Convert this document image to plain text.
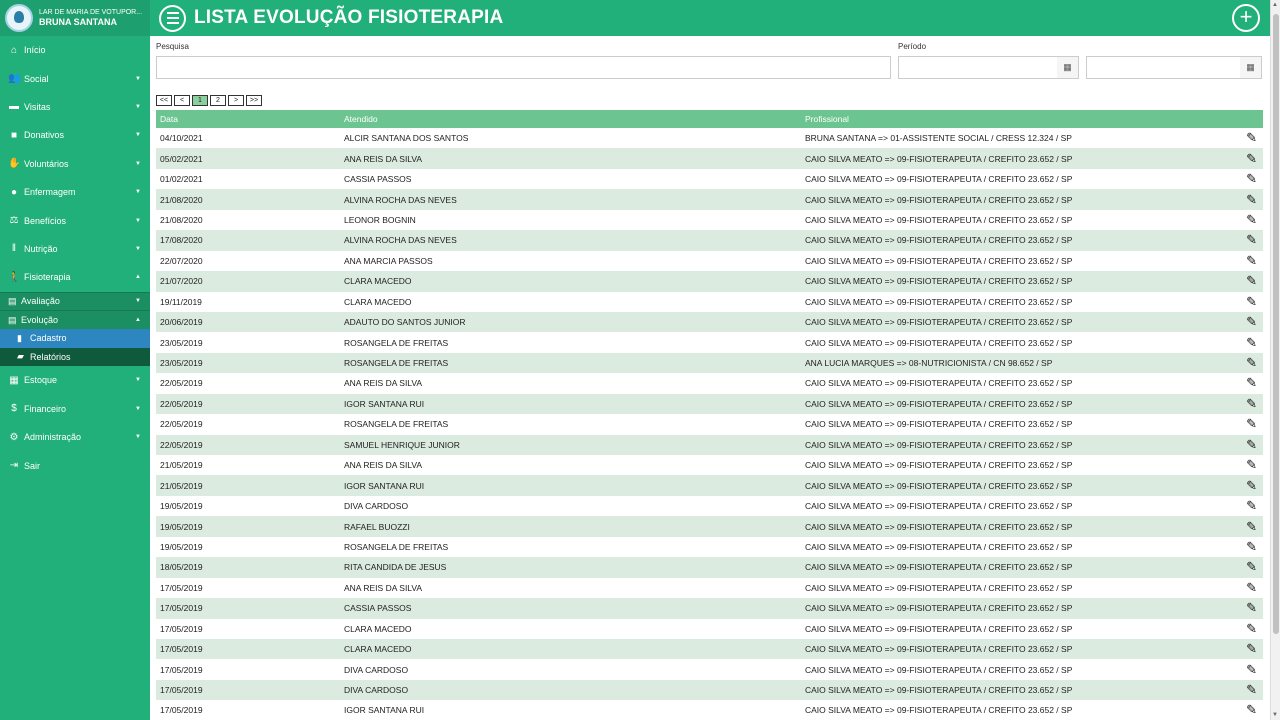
LAR DE MARIA DE VOTUPOR...
BRUNA SANTANA
⌂ Início
👥 Social	▼
▬ Visitas	▼
■ Donativos	▼
✋ Voluntários	▼
● Enfermagem	▼
⚖ Benefícios	▼
ǁ Nutrição	▼
🚶 Fisioterapia	▲
▤ Avaliação	▼
▤ Evolução	▲
▮ Cadastro
▰ Relatórios
▦ Estoque	▼
$ Financeiro	▼
⚙ Administração	▼
⇥ Sair
LISTA EVOLUÇÃO FISIOTERAPIA	+
Pesquisa	Período
▦	▦
<<	<	1	2	>	>>
Data	Atendido	Profissional
04/10/2021	ALCIR SANTANA DOS SANTOS	BRUNA SANTANA => 01-ASSISTENTE SOCIAL / CRESS 12.324 / SP	✎
05/02/2021	ANA REIS DA SILVA	CAIO SILVA MEATO => 09-FISIOTERAPEUTA / CREFITO 23.652 / SP	✎
01/02/2021	CASSIA PASSOS	CAIO SILVA MEATO => 09-FISIOTERAPEUTA / CREFITO 23.652 / SP	✎
21/08/2020	ALVINA ROCHA DAS NEVES	CAIO SILVA MEATO => 09-FISIOTERAPEUTA / CREFITO 23.652 / SP	✎
21/08/2020	LEONOR BOGNIN	CAIO SILVA MEATO => 09-FISIOTERAPEUTA / CREFITO 23.652 / SP	✎
17/08/2020	ALVINA ROCHA DAS NEVES	CAIO SILVA MEATO => 09-FISIOTERAPEUTA / CREFITO 23.652 / SP	✎
22/07/2020	ANA MARCIA PASSOS	CAIO SILVA MEATO => 09-FISIOTERAPEUTA / CREFITO 23.652 / SP	✎
21/07/2020	CLARA MACEDO	CAIO SILVA MEATO => 09-FISIOTERAPEUTA / CREFITO 23.652 / SP	✎
19/11/2019	CLARA MACEDO	CAIO SILVA MEATO => 09-FISIOTERAPEUTA / CREFITO 23.652 / SP	✎
20/06/2019	ADAUTO DO SANTOS JUNIOR	CAIO SILVA MEATO => 09-FISIOTERAPEUTA / CREFITO 23.652 / SP	✎
23/05/2019	ROSANGELA DE FREITAS	CAIO SILVA MEATO => 09-FISIOTERAPEUTA / CREFITO 23.652 / SP	✎
23/05/2019	ROSANGELA DE FREITAS	ANA LUCIA MARQUES => 08-NUTRICIONISTA / CN 98.652 / SP	✎
22/05/2019	ANA REIS DA SILVA	CAIO SILVA MEATO => 09-FISIOTERAPEUTA / CREFITO 23.652 / SP	✎
22/05/2019	IGOR SANTANA RUI	CAIO SILVA MEATO => 09-FISIOTERAPEUTA / CREFITO 23.652 / SP	✎
22/05/2019	ROSANGELA DE FREITAS	CAIO SILVA MEATO => 09-FISIOTERAPEUTA / CREFITO 23.652 / SP	✎
22/05/2019	SAMUEL HENRIQUE JUNIOR	CAIO SILVA MEATO => 09-FISIOTERAPEUTA / CREFITO 23.652 / SP	✎
21/05/2019	ANA REIS DA SILVA	CAIO SILVA MEATO => 09-FISIOTERAPEUTA / CREFITO 23.652 / SP	✎
21/05/2019	IGOR SANTANA RUI	CAIO SILVA MEATO => 09-FISIOTERAPEUTA / CREFITO 23.652 / SP	✎
19/05/2019	DIVA CARDOSO	CAIO SILVA MEATO => 09-FISIOTERAPEUTA / CREFITO 23.652 / SP	✎
19/05/2019	RAFAEL BUOZZI	CAIO SILVA MEATO => 09-FISIOTERAPEUTA / CREFITO 23.652 / SP	✎
19/05/2019	ROSANGELA DE FREITAS	CAIO SILVA MEATO => 09-FISIOTERAPEUTA / CREFITO 23.652 / SP	✎
18/05/2019	RITA CANDIDA DE JESUS	CAIO SILVA MEATO => 09-FISIOTERAPEUTA / CREFITO 23.652 / SP	✎
17/05/2019	ANA REIS DA SILVA	CAIO SILVA MEATO => 09-FISIOTERAPEUTA / CREFITO 23.652 / SP	✎
17/05/2019	CASSIA PASSOS	CAIO SILVA MEATO => 09-FISIOTERAPEUTA / CREFITO 23.652 / SP	✎
17/05/2019	CLARA MACEDO	CAIO SILVA MEATO => 09-FISIOTERAPEUTA / CREFITO 23.652 / SP	✎
17/05/2019	CLARA MACEDO	CAIO SILVA MEATO => 09-FISIOTERAPEUTA / CREFITO 23.652 / SP	✎
17/05/2019	DIVA CARDOSO	CAIO SILVA MEATO => 09-FISIOTERAPEUTA / CREFITO 23.652 / SP	✎
17/05/2019	DIVA CARDOSO	CAIO SILVA MEATO => 09-FISIOTERAPEUTA / CREFITO 23.652 / SP	✎
17/05/2019	IGOR SANTANA RUI	CAIO SILVA MEATO => 09-FISIOTERAPEUTA / CREFITO 23.652 / SP	✎
▲
▼
